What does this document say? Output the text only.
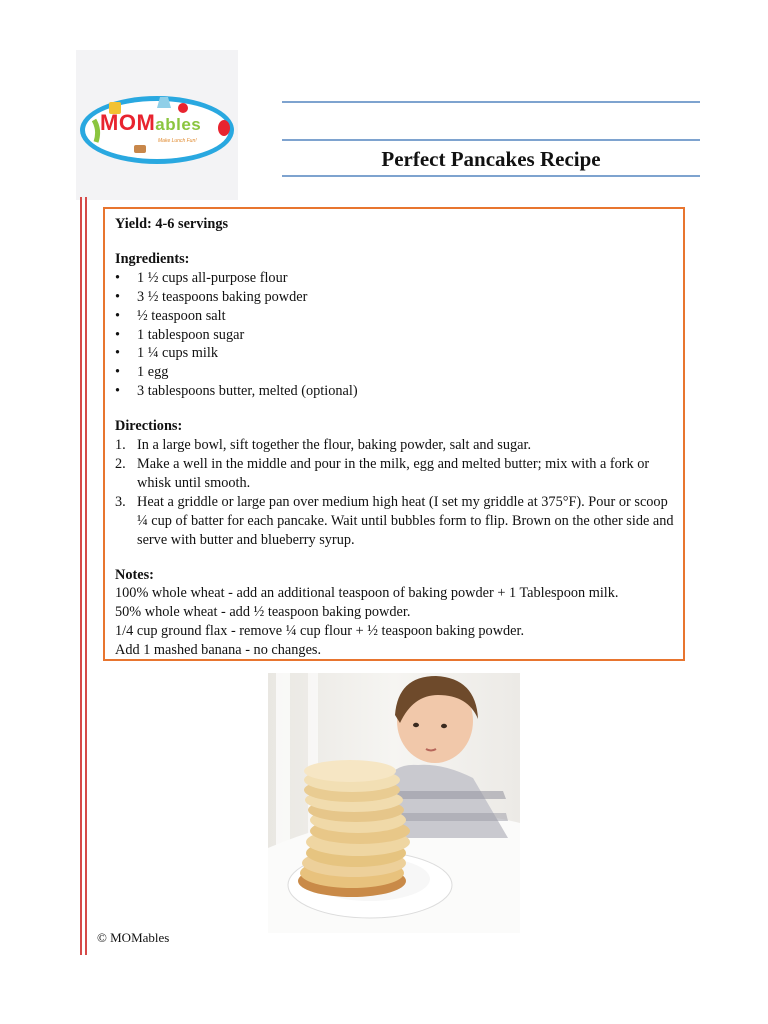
MOMables
Make Lunch Fun!
Perfect Pancakes Recipe
Yield: 4-6 servings
Ingredients:
•	1 ½ cups all-purpose flour
•	3 ½ teaspoons baking powder
•	½ teaspoon salt
•	1 tablespoon sugar
•	1 ¼ cups milk
•	1 egg
•	3 tablespoons butter, melted (optional)
Directions:
1. In a large bowl, sift together the flour, baking powder, salt and sugar.
2. Make a well in the middle and pour in the milk, egg and melted butter; mix with a fork or whisk until smooth.
3. Heat a griddle or large pan over medium high heat (I set my griddle at 375°F). Pour or scoop ¼ cup of batter for each pancake. Wait until bubbles form to flip. Brown on the other side and serve with butter and blueberry syrup.
Notes:
100% whole wheat - add an additional teaspoon of baking powder + 1 Tablespoon milk.
50% whole wheat - add ½ teaspoon baking powder.
1/4 cup ground flax - remove ¼ cup flour + ½ teaspoon baking powder.
Add 1 mashed banana - no changes.
© MOMables
